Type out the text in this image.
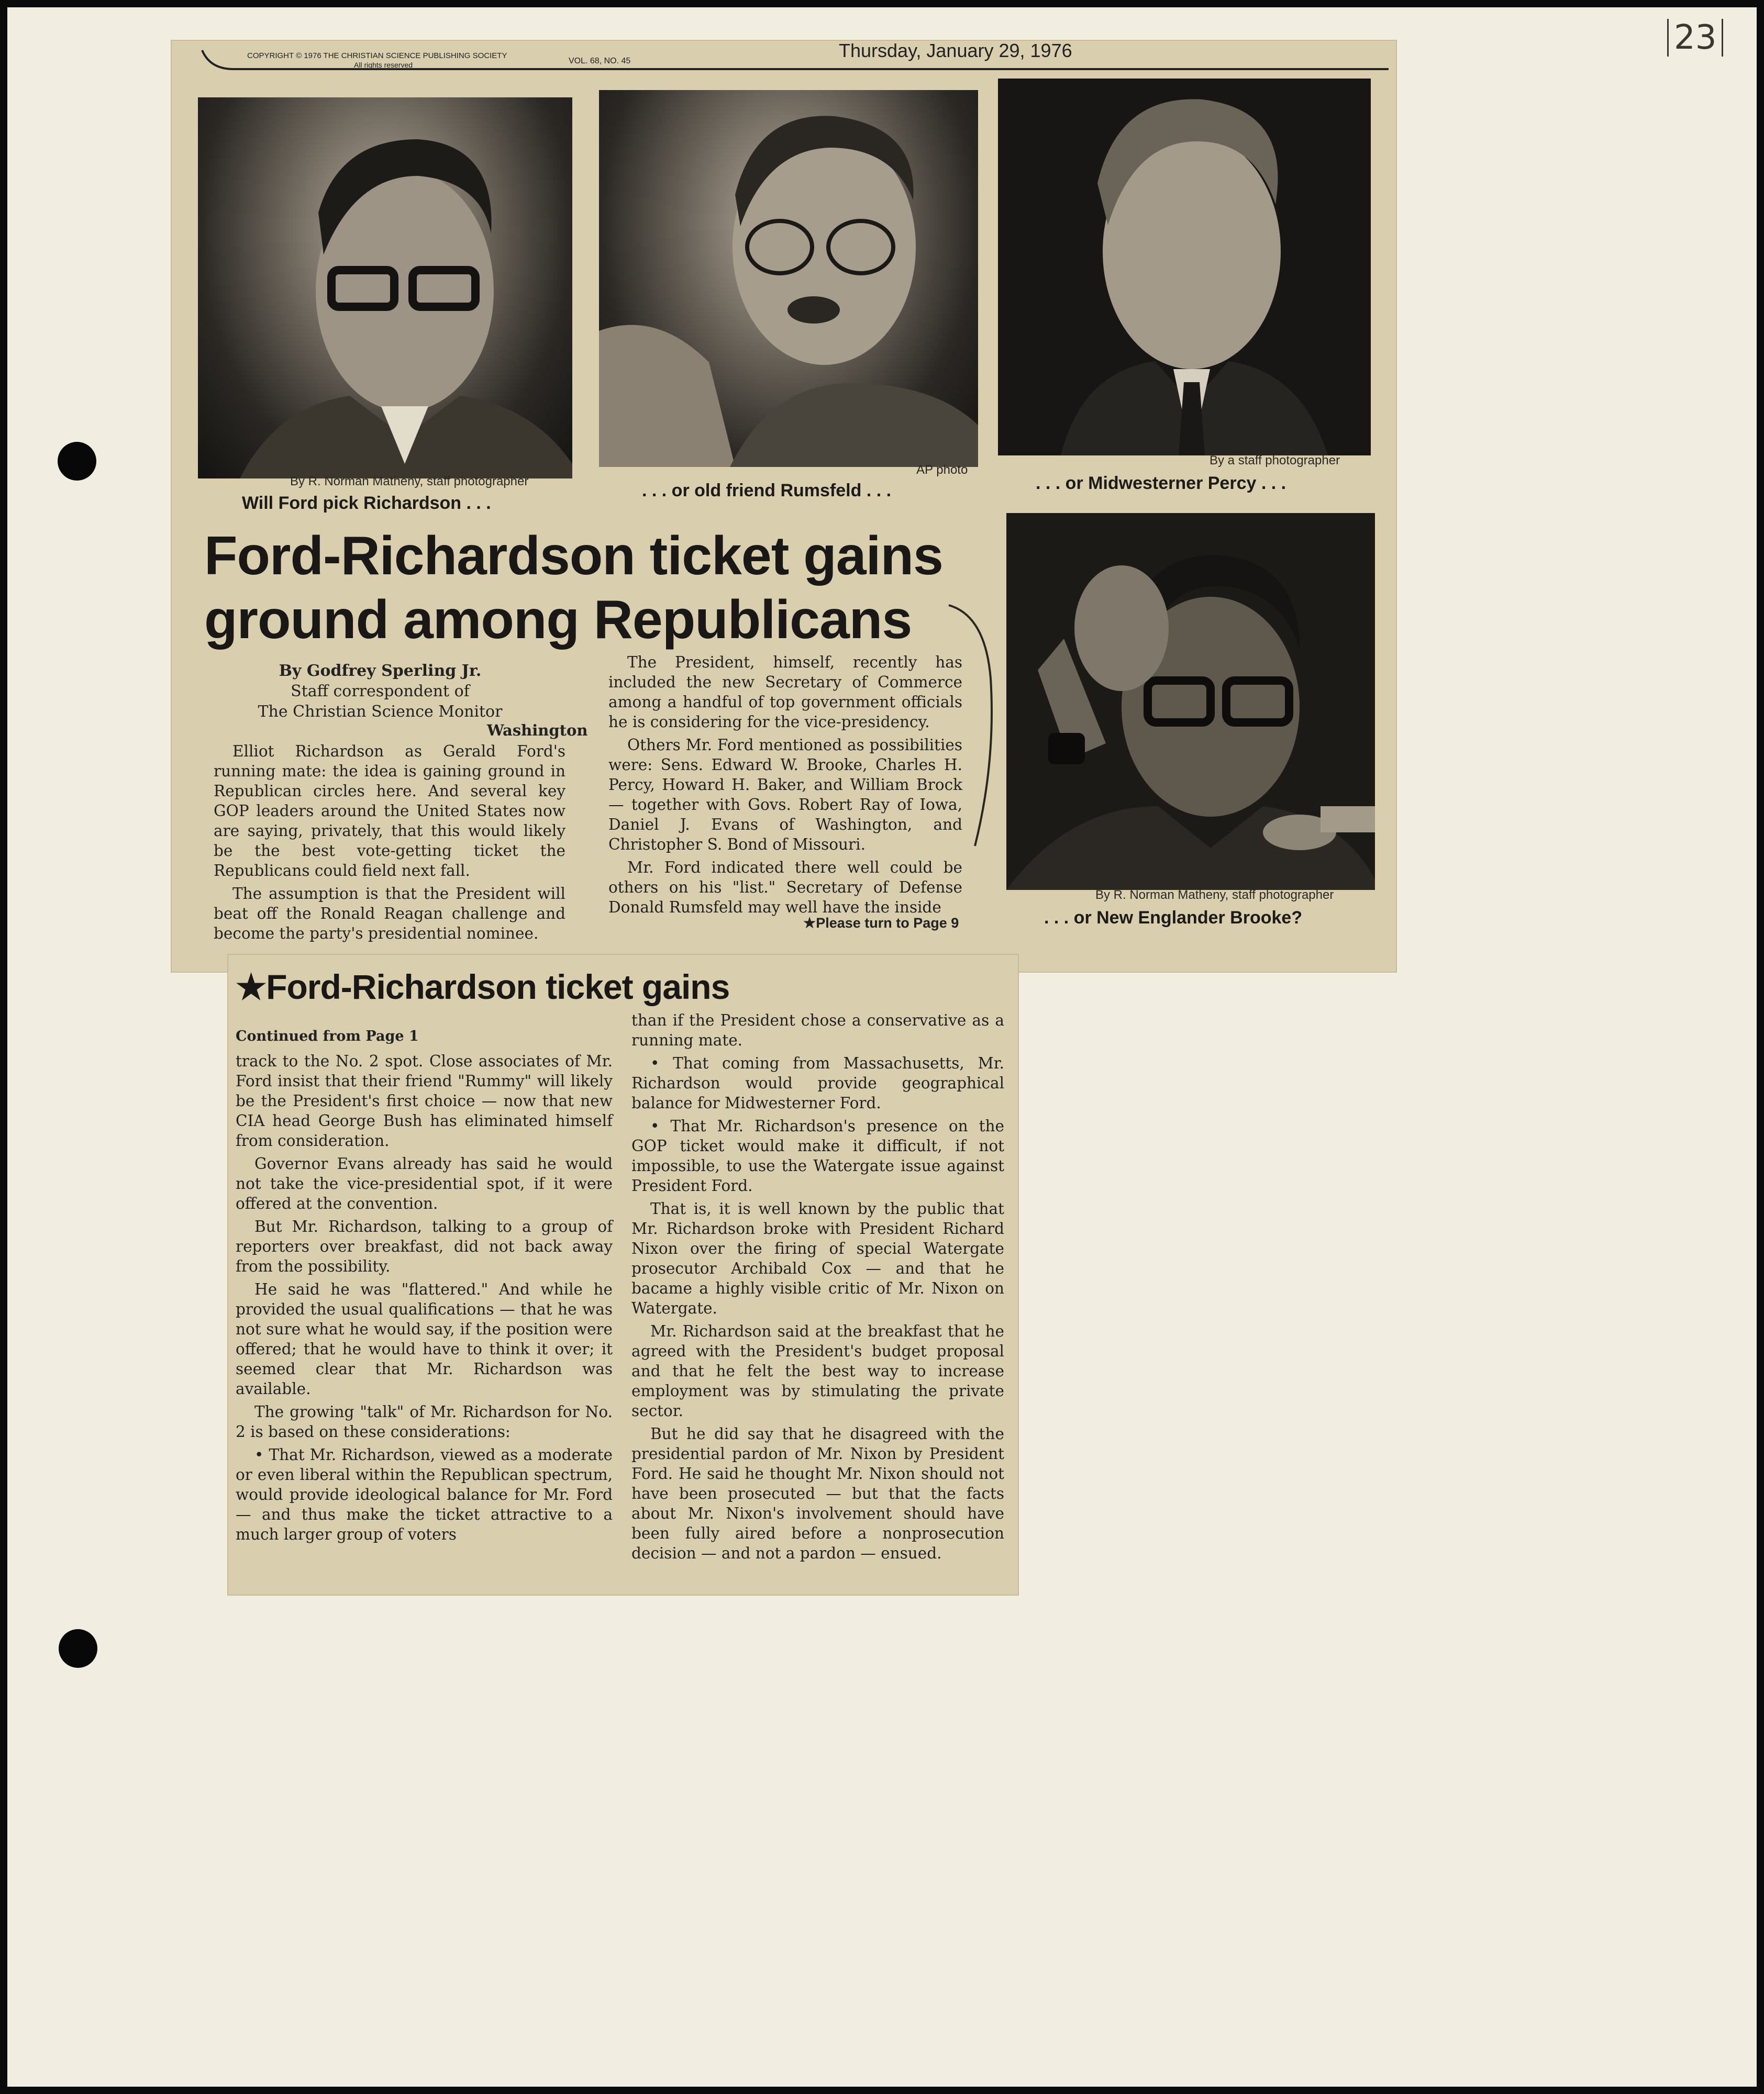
23
COPYRIGHT © 1976 THE CHRISTIAN SCIENCE PUBLISHING SOCIETY
All rights reserved	VOL. 68, NO. 45	Thursday, January 29, 1976
By R. Norman Matheny, staff photographer
Will Ford pick Richardson . . .
AP photo
. . . or old friend Rumsfeld . . .
By a staff photographer
. . . or Midwesterner Percy . . .
Ford-Richardson ticket gains
ground among Republicans
By Godfrey Sperling Jr.
Staff correspondent of
The Christian Science Monitor
Washington

Elliot Richardson as Gerald Ford's running mate: the idea is gaining ground in Republican circles here. And several key GOP leaders around the United States now are saying, privately, that this would likely be the best vote-getting ticket the Republicans could field next fall.

The assumption is that the President will beat off the Ronald Reagan challenge and become the party's presidential nominee.

The President, himself, recently has included the new Secretary of Commerce among a handful of top government officials he is considering for the vice-presidency.

Others Mr. Ford mentioned as possibilities were: Sens. Edward W. Brooke, Charles H. Percy, Howard H. Baker, and William Brock — together with Govs. Robert Ray of Iowa, Daniel J. Evans of Washington, and Christopher S. Bond of Missouri.

Mr. Ford indicated there well could be others on his "list." Secretary of Defense Donald Rumsfeld may well have the inside

★Please turn to Page 9
By R. Norman Matheny, staff photographer
. . . or New Englander Brooke?
★Ford-Richardson ticket gains
Continued from Page 1

track to the No. 2 spot. Close associates of Mr. Ford insist that their friend "Rummy" will likely be the President's first choice — now that new CIA head George Bush has eliminated himself from consideration.

Governor Evans already has said he would not take the vice-presidential spot, if it were offered at the convention.

But Mr. Richardson, talking to a group of reporters over breakfast, did not back away from the possibility.

He said he was "flattered." And while he provided the usual qualifications — that he was not sure what he would say, if the position were offered; that he would have to think it over; it seemed clear that Mr. Richardson was available.

The growing "talk" of Mr. Richardson for No. 2 is based on these considerations:

• That Mr. Richardson, viewed as a moderate or even liberal within the Republican spectrum, would provide ideological balance for Mr. Ford — and thus make the ticket attractive to a much larger group of voters

than if the President chose a conservative as a running mate.

• That coming from Massachusetts, Mr. Richardson would provide geographical balance for Midwesterner Ford.

• That Mr. Richardson's presence on the GOP ticket would make it difficult, if not impossible, to use the Watergate issue against President Ford.

That is, it is well known by the public that Mr. Richardson broke with President Richard Nixon over the firing of special Watergate prosecutor Archibald Cox — and that he bacame a highly visible critic of Mr. Nixon on Watergate.

Mr. Richardson said at the breakfast that he agreed with the President's budget proposal and that he felt the best way to increase employment was by stimulating the private sector.

But he did say that he disagreed with the presidential pardon of Mr. Nixon by President Ford. He said he thought Mr. Nixon should not have been prosecuted — but that the facts about Mr. Nixon's involvement should have been fully aired before a nonprosecution decision — and not a pardon — ensued.
